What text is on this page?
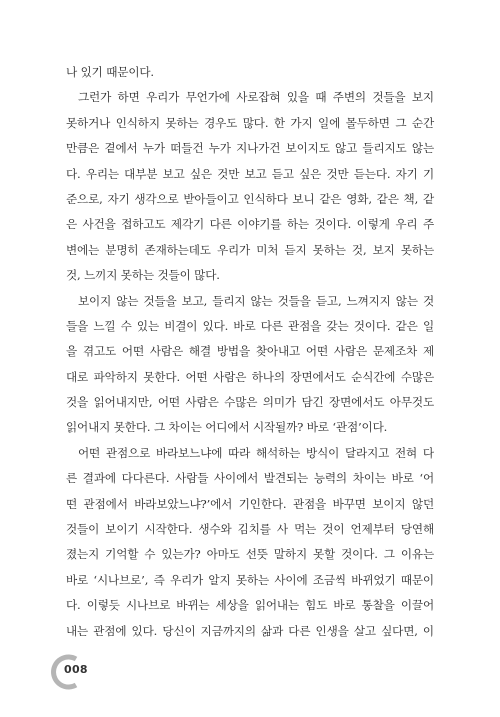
나 있기 때문이다.
그런가 하면 우리가 무언가에 사로잡혀 있을 때 주변의 것들을 보지
못하거나 인식하지 못하는 경우도 많다. 한 가지 일에 몰두하면 그 순간
만큼은 곁에서 누가 떠들건 누가 지나가건 보이지도 않고 들리지도 않는
다. 우리는 대부분 보고 싶은 것만 보고 듣고 싶은 것만 듣는다. 자기 기
준으로, 자기 생각으로 받아들이고 인식하다 보니 같은 영화, 같은 책, 같
은 사건을 접하고도 제각기 다른 이야기를 하는 것이다. 이렇게 우리 주
변에는 분명히 존재하는데도 우리가 미처 듣지 못하는 것, 보지 못하는
것, 느끼지 못하는 것들이 많다.
보이지 않는 것들을 보고, 들리지 않는 것들을 듣고, 느껴지지 않는 것
들을 느낄 수 있는 비결이 있다. 바로 다른 관점을 갖는 것이다. 같은 일
을 겪고도 어떤 사람은 해결 방법을 찾아내고 어떤 사람은 문제조차 제
대로 파악하지 못한다. 어떤 사람은 하나의 장면에서도 순식간에 수많은
것을 읽어내지만, 어떤 사람은 수많은 의미가 담긴 장면에서도 아무것도
읽어내지 못한다. 그 차이는 어디에서 시작될까? 바로 ‘관점’이다.
어떤 관점으로 바라보느냐에 따라 해석하는 방식이 달라지고 전혀 다
른 결과에 다다른다. 사람들 사이에서 발견되는 능력의 차이는 바로 ‘어
떤 관점에서 바라보았느냐?’에서 기인한다. 관점을 바꾸면 보이지 않던
것들이 보이기 시작한다. 생수와 김치를 사 먹는 것이 언제부터 당연해
졌는지 기억할 수 있는가? 아마도 선뜻 말하지 못할 것이다. 그 이유는
바로 ‘시나브로’, 즉 우리가 알지 못하는 사이에 조금씩 바뀌었기 때문이
다. 이렇듯 시나브로 바뀌는 세상을 읽어내는 힘도 바로 통찰을 이끌어
내는 관점에 있다. 당신이 지금까지의 삶과 다른 인생을 살고 싶다면, 이
008
